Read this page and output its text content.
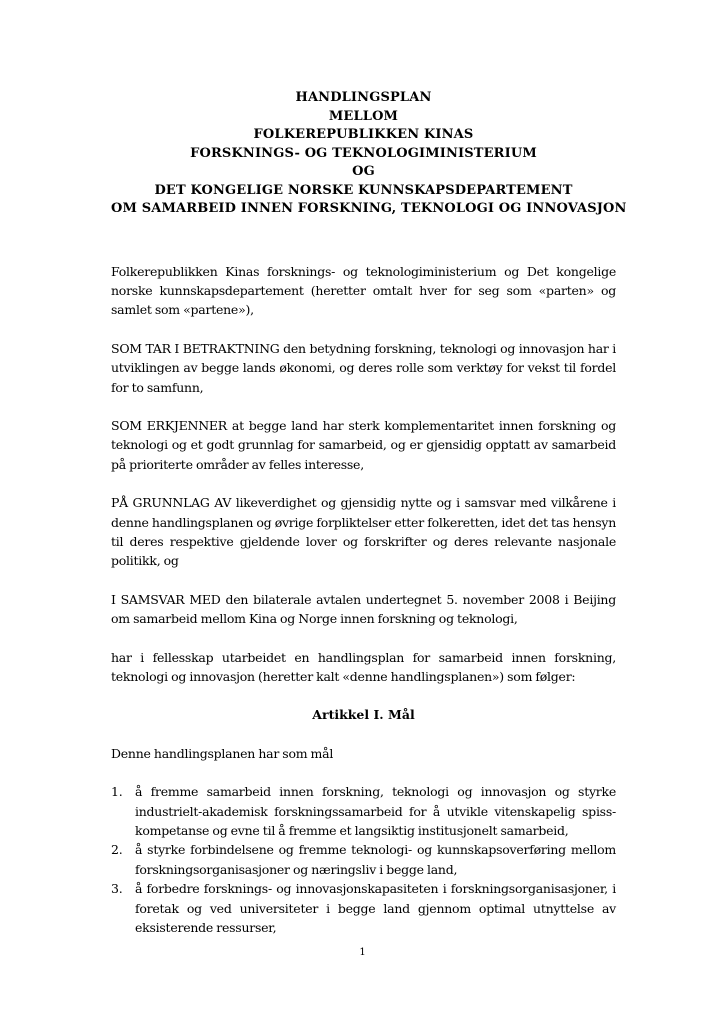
HANDLINGSPLAN
MELLOM
FOLKEREPUBLIKKEN KINAS
FORSKNINGS- OG TEKNOLOGIMINISTERIUM
OG
DET KONGELIGE NORSKE KUNNSKAPSDEPARTEMENT
OM SAMARBEID INNEN FORSKNING, TEKNOLOGI OG INNOVASJON

Folkerepublikken Kinas forsknings- og teknologiministerium og Det kongelige norske kunnskapsdepartement (heretter omtalt hver for seg som «parten» og samlet som «partene»),

SOM TAR I BETRAKTNING den betydning forskning, teknologi og innovasjon har i utviklingen av begge lands økonomi, og deres rolle som verktøy for vekst til fordel for to samfunn,

SOM ERKJENNER at begge land har sterk komplementaritet innen forskning og teknologi og et godt grunnlag for samarbeid, og er gjensidig opptatt av samarbeid på prioriterte områder av felles interesse,

PÅ GRUNNLAG AV likeverdighet og gjensidig nytte og i samsvar med vilkårene i denne handlingsplanen og øvrige forpliktelser etter folkeretten, idet det tas hensyn til deres respektive gjeldende lover og forskrifter og deres relevante nasjonale politikk, og

I SAMSVAR MED den bilaterale avtalen undertegnet 5. november 2008 i Beijing om samarbeid mellom Kina og Norge innen forskning og teknologi,

har i fellesskap utarbeidet en handlingsplan for samarbeid innen forskning, teknologi og innovasjon (heretter kalt «denne handlingsplanen») som følger:

Artikkel I. Mål

Denne handlingsplanen har som mål

1.	å fremme samarbeid innen forskning, teknologi og innovasjon og styrke industrielt-akademisk forskningssamarbeid for å utvikle vitenskapelig spiss-kompetanse og evne til å fremme et langsiktig institusjonelt samarbeid,
2.	å styrke forbindelsene og fremme teknologi- og kunnskapsoverføring mellom forskningsorganisasjoner og næringsliv i begge land,
3.	å forbedre forsknings- og innovasjonskapasiteten i forskningsorganisasjoner, i foretak og ved universiteter i begge land gjennom optimal utnyttelse av eksisterende ressurser,
1
